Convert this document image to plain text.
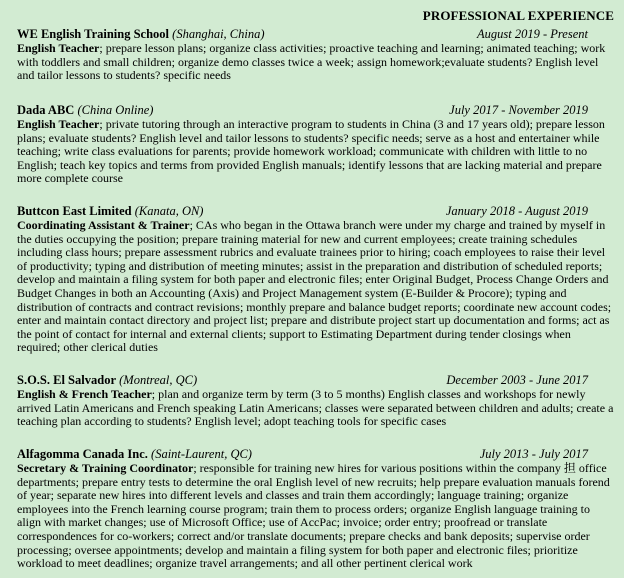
PROFESSIONAL EXPERIENCE
WE English Training School (Shanghai, China)	August 2019 - Present
English Teacher; prepare lesson plans; organize class activities; proactive teaching and learning; animated teaching; work with toddlers and small children; organize demo classes twice a week; assign homework;evaluate students? English level and tailor lessons to students? specific needs
Dada ABC (China Online)	July 2017 - November 2019
English Teacher; private tutoring through an interactive program to students in China (3 and 17 years old); prepare lesson plans; evaluate students? English level and tailor lessons to students? specific needs; serve as a host and entertainer while teaching; write class evaluations for parents; provide homework workload; communicate with children with little to no English; teach key topics and terms from provided English manuals; identify lessons that are lacking material and prepare more complete course
Buttcon East Limited (Kanata, ON)	January 2018 - August 2019
Coordinating Assistant & Trainer; CAs who began in the Ottawa branch were under my charge and trained by myself in the duties occupying the position; prepare training material for new and current employees; create training schedules including class hours; prepare assessment rubrics and evaluate trainees prior to hiring; coach employees to raise their level of productivity; typing and distribution of meeting minutes; assist in the preparation and distribution of scheduled reports; develop and maintain a filing system for both paper and electronic files; enter Original Budget, Process Change Orders and Budget Changes in both an Accounting (Axis) and Project Management system (E-Builder & Procore); typing and distribution of contracts and contract revisions; monthly prepare and balance budget reports; coordinate new account codes; enter and maintain contact directory and project list; prepare and distribute project start up documentation and forms; act as the point of contact for internal and external clients; support to Estimating Department during tender closings when required; other clerical duties
S.O.S. El Salvador (Montreal, QC)	December 2003 - June 2017
English & French Teacher; plan and organize term by term (3 to 5 months) English classes and workshops for newly arrived Latin Americans and French speaking Latin Americans; classes were separated between children and adults; create a teaching plan according to students? English level; adopt teaching tools for specific cases
Alfagomma Canada Inc. (Saint-Laurent, QC)	July 2013 - July 2017
Secretary & Training Coordinator; responsible for training new hires for various positions within the company 担 office departments; prepare entry tests to determine the oral English level of new recruits; help prepare evaluation manuals forend of year; separate new hires into different levels and classes and train them accordingly; language training; organize employees into the French learning course program; train them to process orders; organize English language training to align with market changes; use of Microsoft Office; use of AccPac; invoice; order entry; proofread or translate correspondences for co-workers; correct and/or translate documents; prepare checks and bank deposits; supervise order processing; oversee appointments; develop and maintain a filing system for both paper and electronic files; prioritize workload to meet deadlines; organize travel arrangements; and all other pertinent clerical work
